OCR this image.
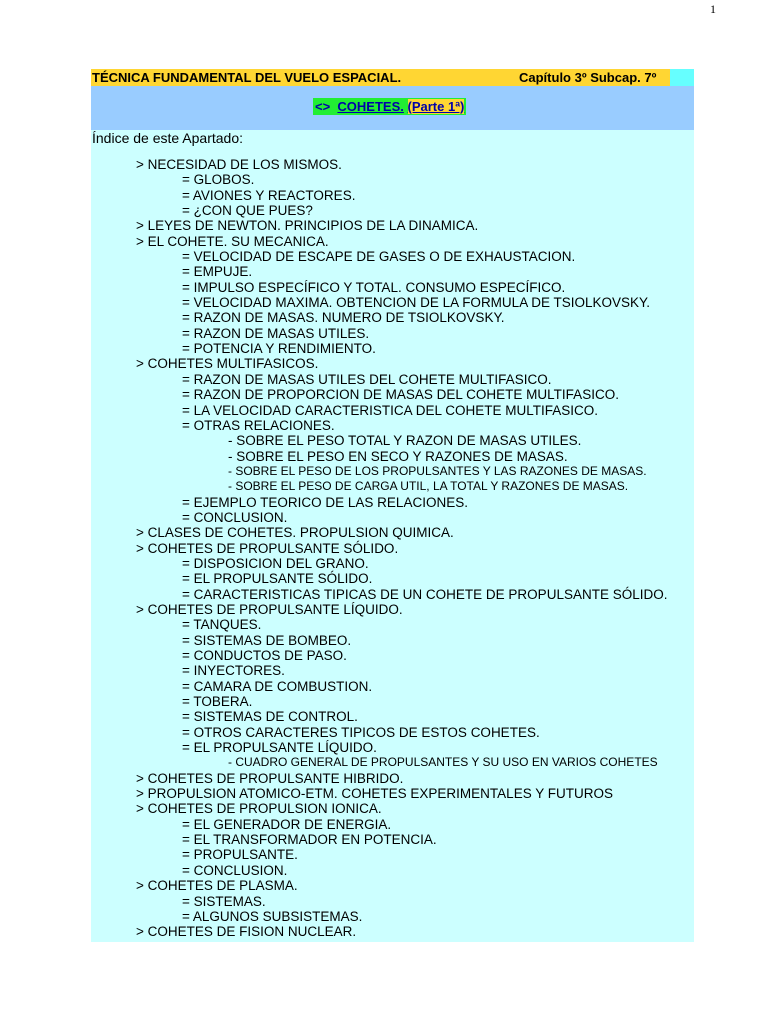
1
TÉCNICA FUNDAMENTAL DEL VUELO ESPACIAL.	Capítulo 3º Subcap. 7º
<> COHETES. (Parte 1ª)
Índice de este Apartado:
> NECESIDAD DE LOS MISMOS.
= GLOBOS.
= AVIONES Y REACTORES.
= ¿CON QUE PUES?
> LEYES DE NEWTON. PRINCIPIOS DE LA DINAMICA.
> EL COHETE. SU MECANICA.
= VELOCIDAD DE ESCAPE DE GASES O DE EXHAUSTACION.
= EMPUJE.
= IMPULSO ESPECÍFICO Y TOTAL. CONSUMO ESPECÍFICO.
= VELOCIDAD MAXIMA. OBTENCION DE LA FORMULA DE TSIOLKOVSKY.
= RAZON DE MASAS. NUMERO DE TSIOLKOVSKY.
= RAZON DE MASAS UTILES.
= POTENCIA Y RENDIMIENTO.
> COHETES MULTIFASICOS.
= RAZON DE MASAS UTILES DEL COHETE MULTIFASICO.
= RAZON DE PROPORCION DE MASAS DEL COHETE MULTIFASICO.
= LA VELOCIDAD CARACTERISTICA DEL COHETE MULTIFASICO.
= OTRAS RELACIONES.
- SOBRE EL PESO TOTAL Y RAZON DE MASAS UTILES.
- SOBRE EL PESO EN SECO Y RAZONES DE MASAS.
- SOBRE EL PESO DE LOS PROPULSANTES Y LAS RAZONES DE MASAS.
- SOBRE EL PESO DE CARGA UTIL, LA TOTAL Y RAZONES DE MASAS.
= EJEMPLO TEORICO DE LAS RELACIONES.
= CONCLUSION.
> CLASES DE COHETES. PROPULSION QUIMICA.
> COHETES DE PROPULSANTE SÓLIDO.
= DISPOSICION DEL GRANO.
= EL PROPULSANTE SÓLIDO.
= CARACTERISTICAS TIPICAS DE UN COHETE DE PROPULSANTE SÓLIDO.
> COHETES DE PROPULSANTE LÍQUIDO.
= TANQUES.
= SISTEMAS DE BOMBEO.
= CONDUCTOS DE PASO.
= INYECTORES.
= CAMARA DE COMBUSTION.
= TOBERA.
= SISTEMAS DE CONTROL.
= OTROS CARACTERES TIPICOS DE ESTOS COHETES.
= EL PROPULSANTE LÍQUIDO.
- CUADRO GENERAL DE PROPULSANTES Y SU USO EN VARIOS COHETES
> COHETES DE PROPULSANTE HIBRIDO.
> PROPULSION ATOMICO-ETM. COHETES EXPERIMENTALES Y FUTUROS
> COHETES DE PROPULSION IONICA.
= EL GENERADOR DE ENERGIA.
= EL TRANSFORMADOR EN POTENCIA.
= PROPULSANTE.
= CONCLUSION.
> COHETES DE PLASMA.
= SISTEMAS.
= ALGUNOS SUBSISTEMAS.
> COHETES DE FISION NUCLEAR.
